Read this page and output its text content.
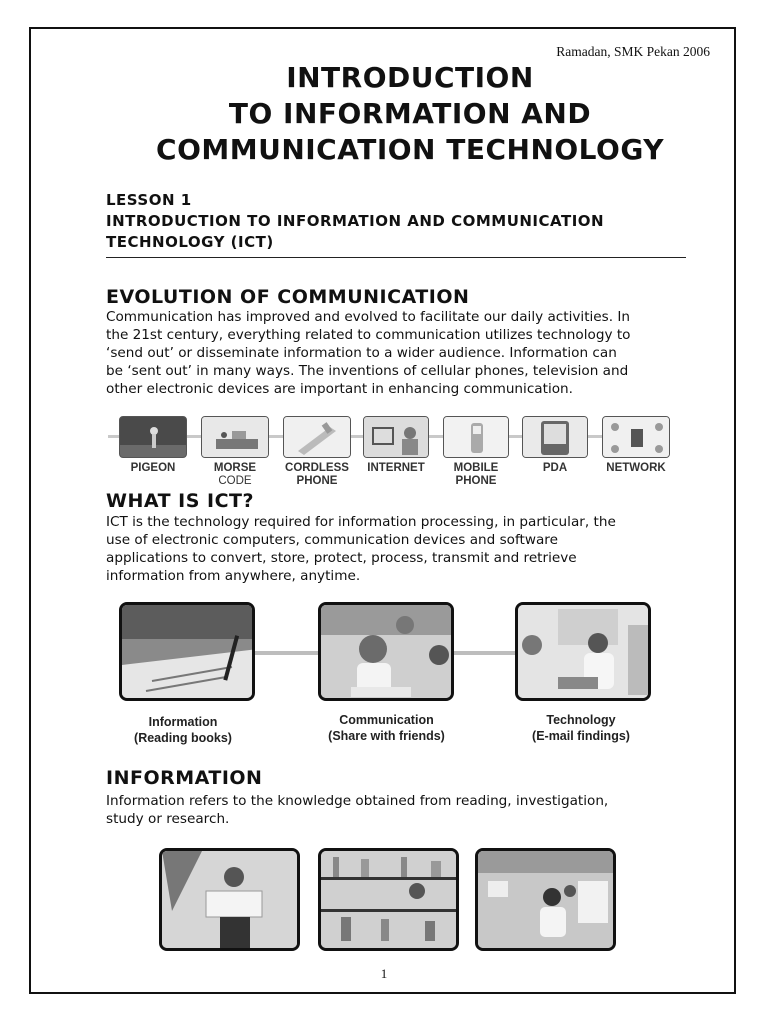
Ramadan, SMK Pekan 2006
INTRODUCTION
TO INFORMATION AND
COMMUNICATION TECHNOLOGY
LESSON 1
INTRODUCTION TO INFORMATION AND COMMUNICATION
TECHNOLOGY (ICT)
EVOLUTION OF COMMUNICATION
Communication has improved and evolved to facilitate our daily activities. In
the 21st century, everything related to communication utilizes technology to
‘send out’ or disseminate information to a wider audience. Information can
be ‘sent out’ in many ways. The inventions of cellular phones, television and
other electronic devices are important in enhancing communication.
PIGEON	MORSE
CODE
CORDLESS
PHONE
INTERNET	MOBILE
PHONE
PDA	NETWORK
WHAT IS ICT?
ICT is the technology required for information processing, in particular, the
use of electronic computers, communication devices and software
applications to convert, store, protect, process, transmit and retrieve
information from anywhere, anytime.
Information
(Reading books)
Communication
(Share with friends)
Technology
(E-mail findings)
INFORMATION
Information refers to the knowledge obtained from reading, investigation,
study or research.
1
